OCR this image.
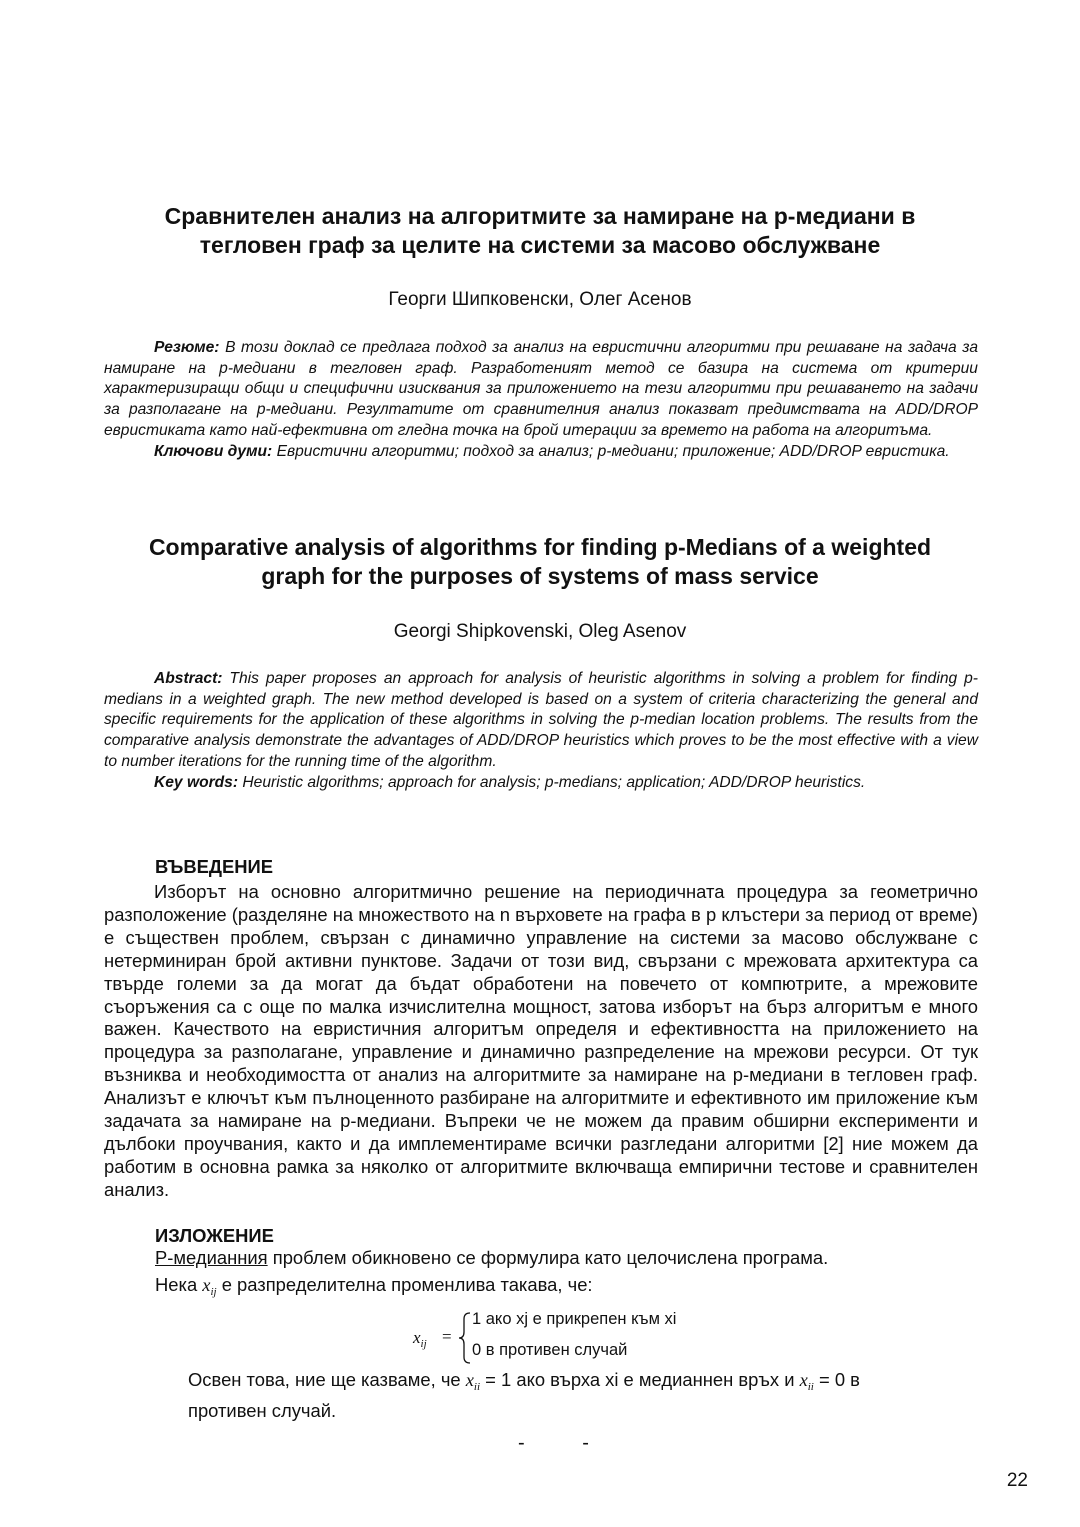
Сравнителен анализ на алгоритмите за намиране на p-медиани в
тегловен граф за целите на системи за масово обслужване
Георги Шипковенски, Олег Асенов
Резюме: В този доклад се предлага подход за анализ на евристични алгоритми при решаване на задача за намиране на p-медиани в тегловен граф. Разработеният метод се базира на система от критерии характеризиращи общи и специфични изисквания за приложението на тези алгоритми при решаването на задачи за разполагане на p-медиани. Резултатите от сравнителния анализ показват предимствата на ADD/DROP евристиката като най-ефективна от гледна точка на брой итерации за времето на работа на алгоритъма.
Ключови думи: Евристични алгоритми; подход за анализ; p-медиани; приложение; ADD/DROP евристика.
Comparative analysis of algorithms for finding p-Medians of a weighted
graph for the purposes of systems of mass service
Georgi Shipkovenski, Oleg Asenov
Abstract: This paper proposes an approach for analysis of heuristic algorithms in solving a problem for finding p-medians in a weighted graph. The new method developed is based on a system of criteria characterizing the general and specific requirements for the application of these algorithms in solving the p-median location problems. The results from the comparative analysis demonstrate the advantages of ADD/DROP heuristics which proves to be the most effective with a view to number iterations for the running time of the algorithm.
Key words: Heuristic algorithms; approach for analysis; p-medians; application; ADD/DROP heuristics.
ВЪВЕДЕНИЕ
Изборът на основно алгоритмично решение на периодичната процедура за геометрично разположение (разделяне на множеството на n върховете на графа в p клъстери за период от време) е съществен проблем, свързан с динамично управление на системи за масово обслужване с нетерминиран брой активни пунктове. Задачи от този вид, свързани с мрежовата архитектура са твърде големи за да могат да бъдат обработени на повечето от компютрите, а мрежовите съоръжения са с още по малка изчислителна мощност, затова изборът на бърз алгоритъм е много важен. Качеството на евристичния алгоритъм определя и ефективността на приложението на процедура за разполагане, управление и динамично разпределение на мрежови ресурси. От тук възниква и необходимостта от анализ на алгоритмите за намиране на p-медиани в тегловен граф. Анализът е ключът към пълноценното разбиране на алгоритмите и ефективното им приложение към задачата за намиране на p-медиани. Въпреки че не можем да правим обширни експерименти и дълбоки проучвания, както и да имплементираме всички разгледани алгоритми [2] ние можем да работим в основна рамка за няколко от алгоритмите включваща емпирични тестове и сравнителен анализ.
ИЗЛОЖЕНИЕ
P-медианния проблем обикновено се формулира като целочислена програма.
Нека $x_{ij}$ е разпределителна променлива такава, че:
$x_{ij}$ =
1 ако xj е прикрепен към xi
0 в противен случай
Освен това, ние ще казваме, че $x_{ii} = 1$ ако върха xi е медианнен връх и $x_{ii} = 0$ в
противен случай.
- -
22
